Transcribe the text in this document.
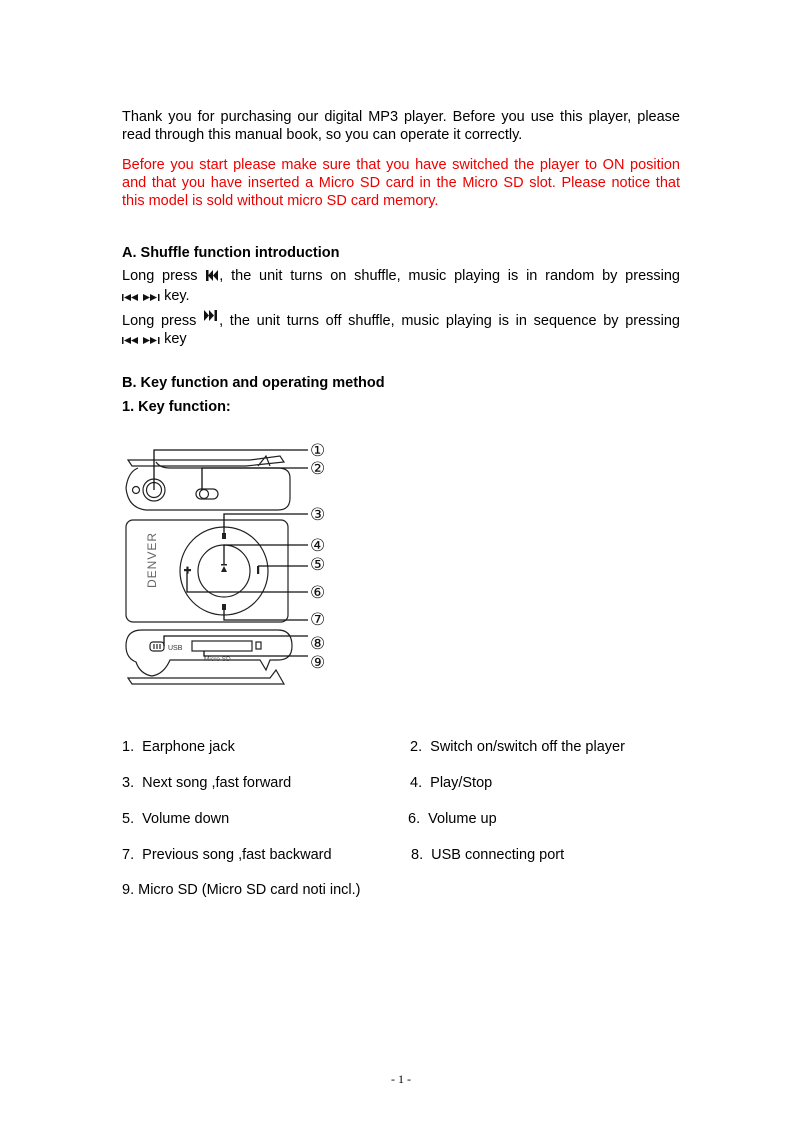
Thank you for purchasing our digital MP3 player. Before you use this player, please read through this manual book, so you can operate it correctly.
Before you start please make sure that you have switched the player to ON position and that you have inserted a Micro SD card in the Micro SD slot. Please notice that this model is sold without micro SD card memory.
A. Shuffle function introduction
Long press , the unit turns on shuffle, music playing is in random by pressing
key.
Long press , the unit turns off shuffle, music playing is in sequence by pressing
key
B. Key function and operating method
1. Key function:
DENVER
USB
Micro SD
①
②
③
④
⑤
⑥
⑦
⑧
⑨
1.  Earphone jack	2.  Switch on/switch off the player
3.  Next song ,fast forward	4.  Play/Stop
5.  Volume down	6.  Volume up
7.  Previous song ,fast backward	8.  USB connecting port
9. Micro SD (Micro SD card noti incl.)
- 1 -
